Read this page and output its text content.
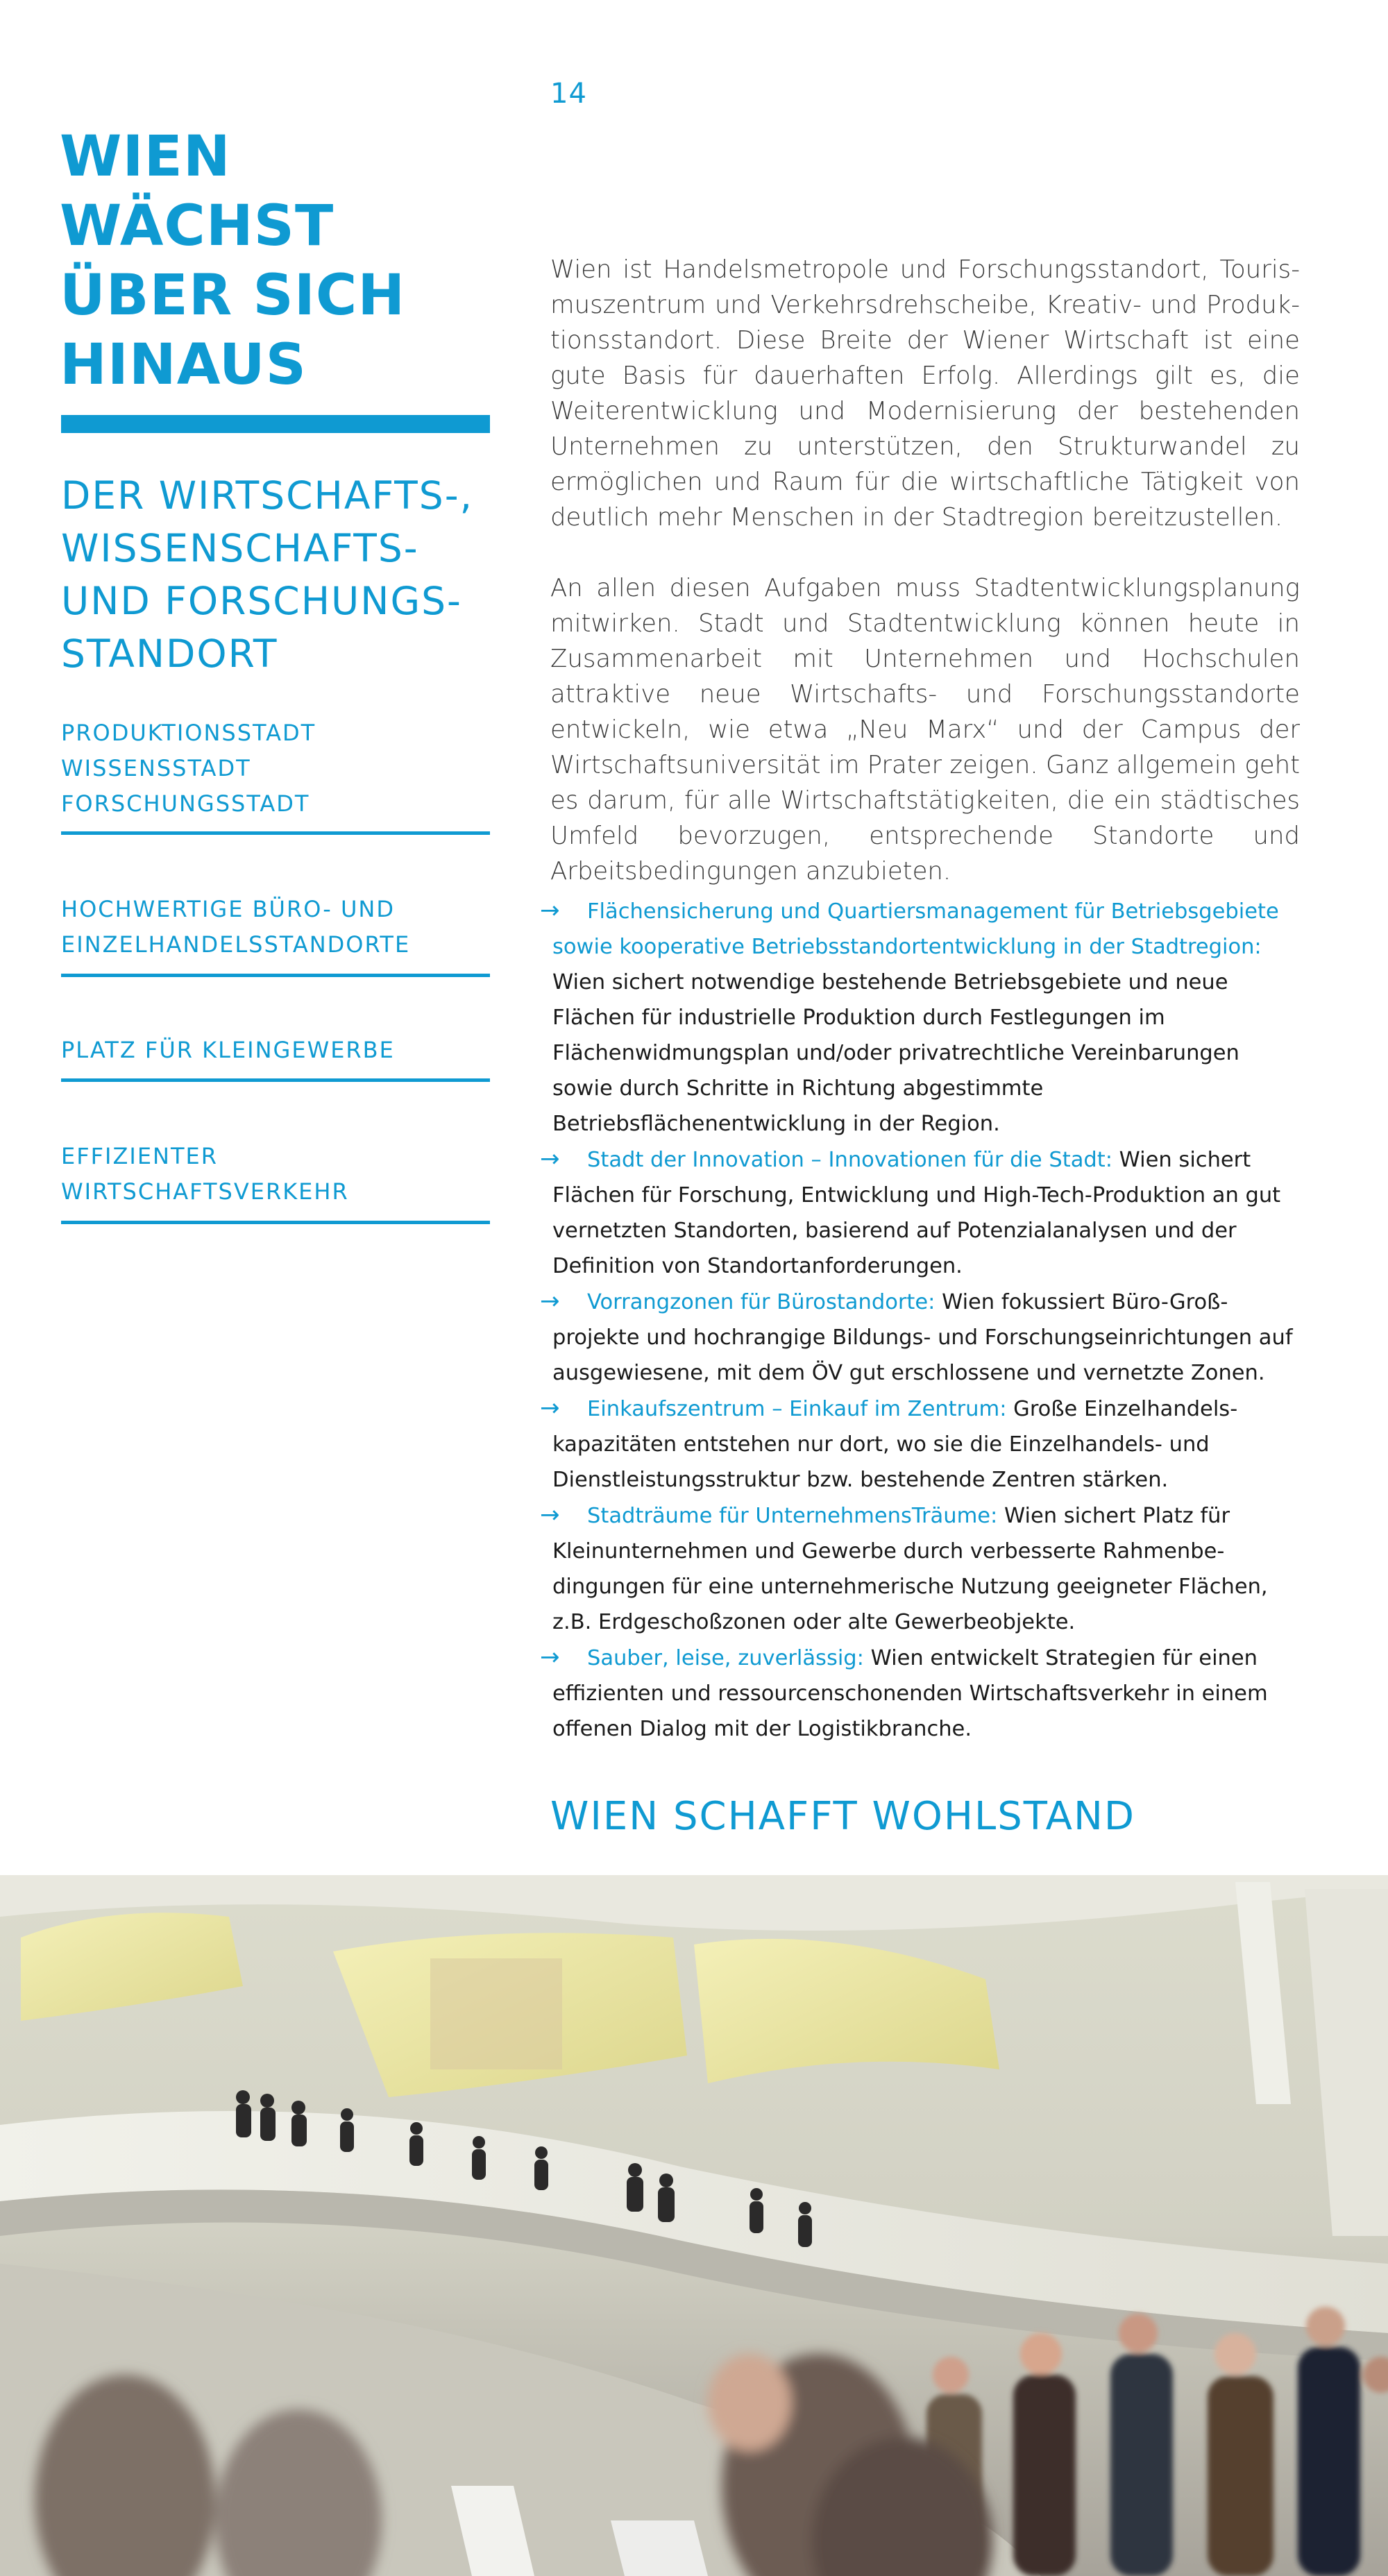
14
WIEN
WÄCHST
ÜBER SICH
HINAUS
DER WIRTSCHAFTS-,
WISSENSCHAFTS-
UND FORSCHUNGS-
STANDORT
PRODUKTIONSSTADT
WISSENSSTADT
FORSCHUNGSSTADT
HOCHWERTIGE BÜRO- UND
EINZELHANDELSSTANDORTE
PLATZ FÜR KLEINGEWERBE
EFFIZIENTER
WIRTSCHAFTSVERKEHR

Wien ist Handelsmetropole und Forschungsstandort, Tourismuszentrum und Verkehrsdrehscheibe, Kreativ- und Produktionsstandort. Diese Breite der Wiener Wirtschaft ist eine gute Basis für dauerhaften Erfolg. Allerdings gilt es, die Weiterentwicklung und Modernisierung der bestehenden Unternehmen zu unterstützen, den Strukturwandel zu ermöglichen und Raum für die wirtschaftliche Tätigkeit von deutlich mehr Menschen in der Stadtregion bereitzustellen.

An allen diesen Aufgaben muss Stadtentwicklungsplanung mitwirken. Stadt und Stadtentwicklung können heute in Zusammenarbeit mit Unternehmen und Hochschulen attraktive neue Wirtschafts- und Forschungsstandorte entwickeln, wie etwa „Neu Marx“ und der Campus der Wirtschaftsuniversität im Prater zeigen. Ganz allgemein geht es darum, für alle Wirtschaftstätigkeiten, die ein städtisches Umfeld bevorzugen, entsprechende Standorte und Arbeitsbedingungen anzubieten.

→ Flächensicherung und Quartiersmanagement für Betriebsgebiete sowie kooperative Betriebsstandortentwicklung in der Stadtregion: Wien sichert notwendige bestehende Betriebsgebiete und neue Flächen für industrielle Produktion durch Festlegungen im Flächenwidmungsplan und/oder privatrechtliche Vereinbarungen sowie durch Schritte in Richtung abgestimmte Betriebsflächenentwicklung in der Region.
→ Stadt der Innovation – Innovationen für die Stadt: Wien sichert Flächen für Forschung, Entwicklung und High-Tech-Produktion an gut vernetzten Standorten, basierend auf Potenzialanalysen und der Definition von Standortanforderungen.
→ Vorrangzonen für Bürostandorte: Wien fokussiert Büro-Großprojekte und hochrangige Bildungs- und Forschungseinrichtungen auf ausgewiesene, mit dem ÖV gut erschlossene und vernetzte Zonen.
→ Einkaufszentrum – Einkauf im Zentrum: Große Einzelhandelskapazitäten entstehen nur dort, wo sie die Einzelhandels- und Dienstleistungsstruktur bzw. bestehende Zentren stärken.
→ Stadträume für UnternehmensTräume: Wien sichert Platz für Kleinunternehmen und Gewerbe durch verbesserte Rahmenbedingungen für eine unternehmerische Nutzung geeigneter Flächen, z.B. Erdgeschoßzonen oder alte Gewerbeobjekte.
→ Sauber, leise, zuverlässig: Wien entwickelt Strategien für einen effizienten und ressourcenschonenden Wirtschaftsverkehr in einem offenen Dialog mit der Logistikbranche.
WIEN SCHAFFT WOHLSTAND
